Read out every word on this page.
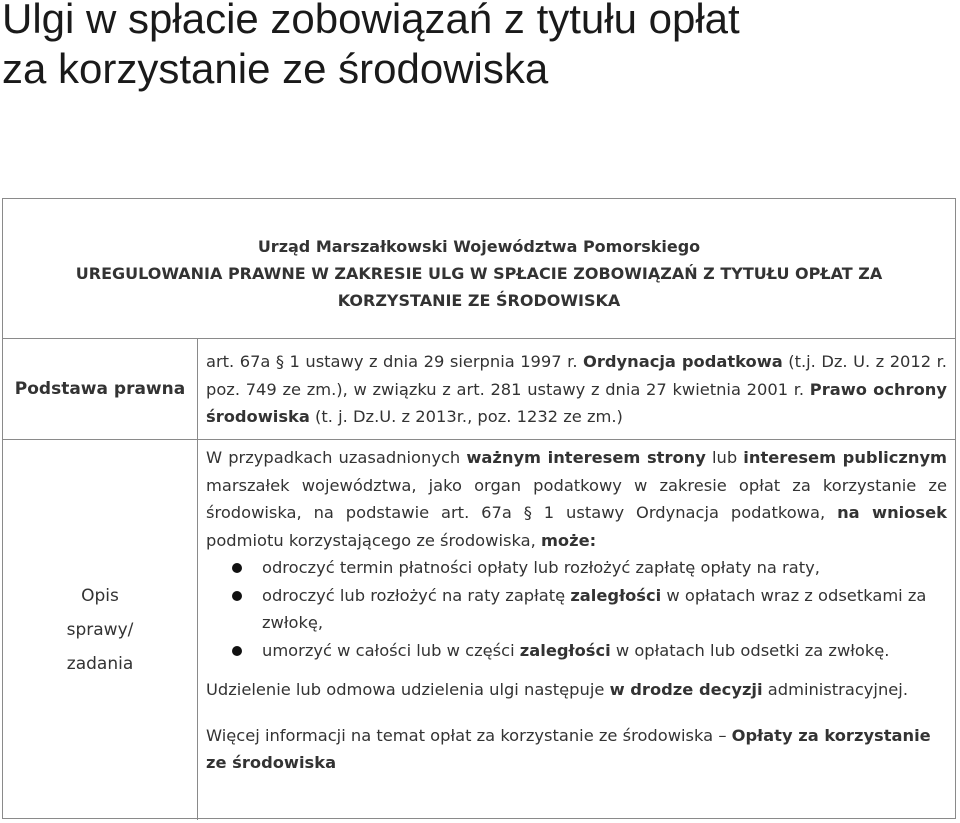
Ulgi w spłacie zobowiązań z tytułu opłat
za korzystanie ze środowiska
Urząd Marszałkowski Województwa Pomorskiego
UREGULOWANIA PRAWNE W ZAKRESIE ULG W SPŁACIE ZOBOWIĄZAŃ Z TYTUŁU OPŁAT ZA
KORZYSTANIE ZE ŚRODOWISKA
Podstawa prawna
art. 67a § 1 ustawy z dnia 29 sierpnia 1997 r. Ordynacja podatkowa (t.j. Dz. U. z 2012 r. poz. 749 ze zm.), w związku z art. 281 ustawy z dnia 27 kwietnia 2001 r. Prawo ochrony środowiska (t. j. Dz.U. z 2013r., poz. 1232 ze zm.)
Opis
sprawy/
zadania

W przypadkach uzasadnionych ważnym interesem strony lub interesem publicznym marszałek województwa, jako organ podatkowy w zakresie opłat za korzystanie ze środowiska, na podstawie art. 67a § 1 ustawy Ordynacja podatkowa, na wniosek podmiotu korzystającego ze środowiska, może:

odroczyć termin płatności opłaty lub rozłożyć zapłatę opłaty na raty,
odroczyć lub rozłożyć na raty zapłatę zaległości w opłatach wraz z odsetkami za zwłokę,
umorzyć w całości lub w części zaległości w opłatach lub odsetki za zwłokę.

Udzielenie lub odmowa udzielenia ulgi następuje w drodze decyzji administracyjnej.

Więcej informacji na temat opłat za korzystanie ze środowiska – Opłaty za korzystanie ze środowiska
